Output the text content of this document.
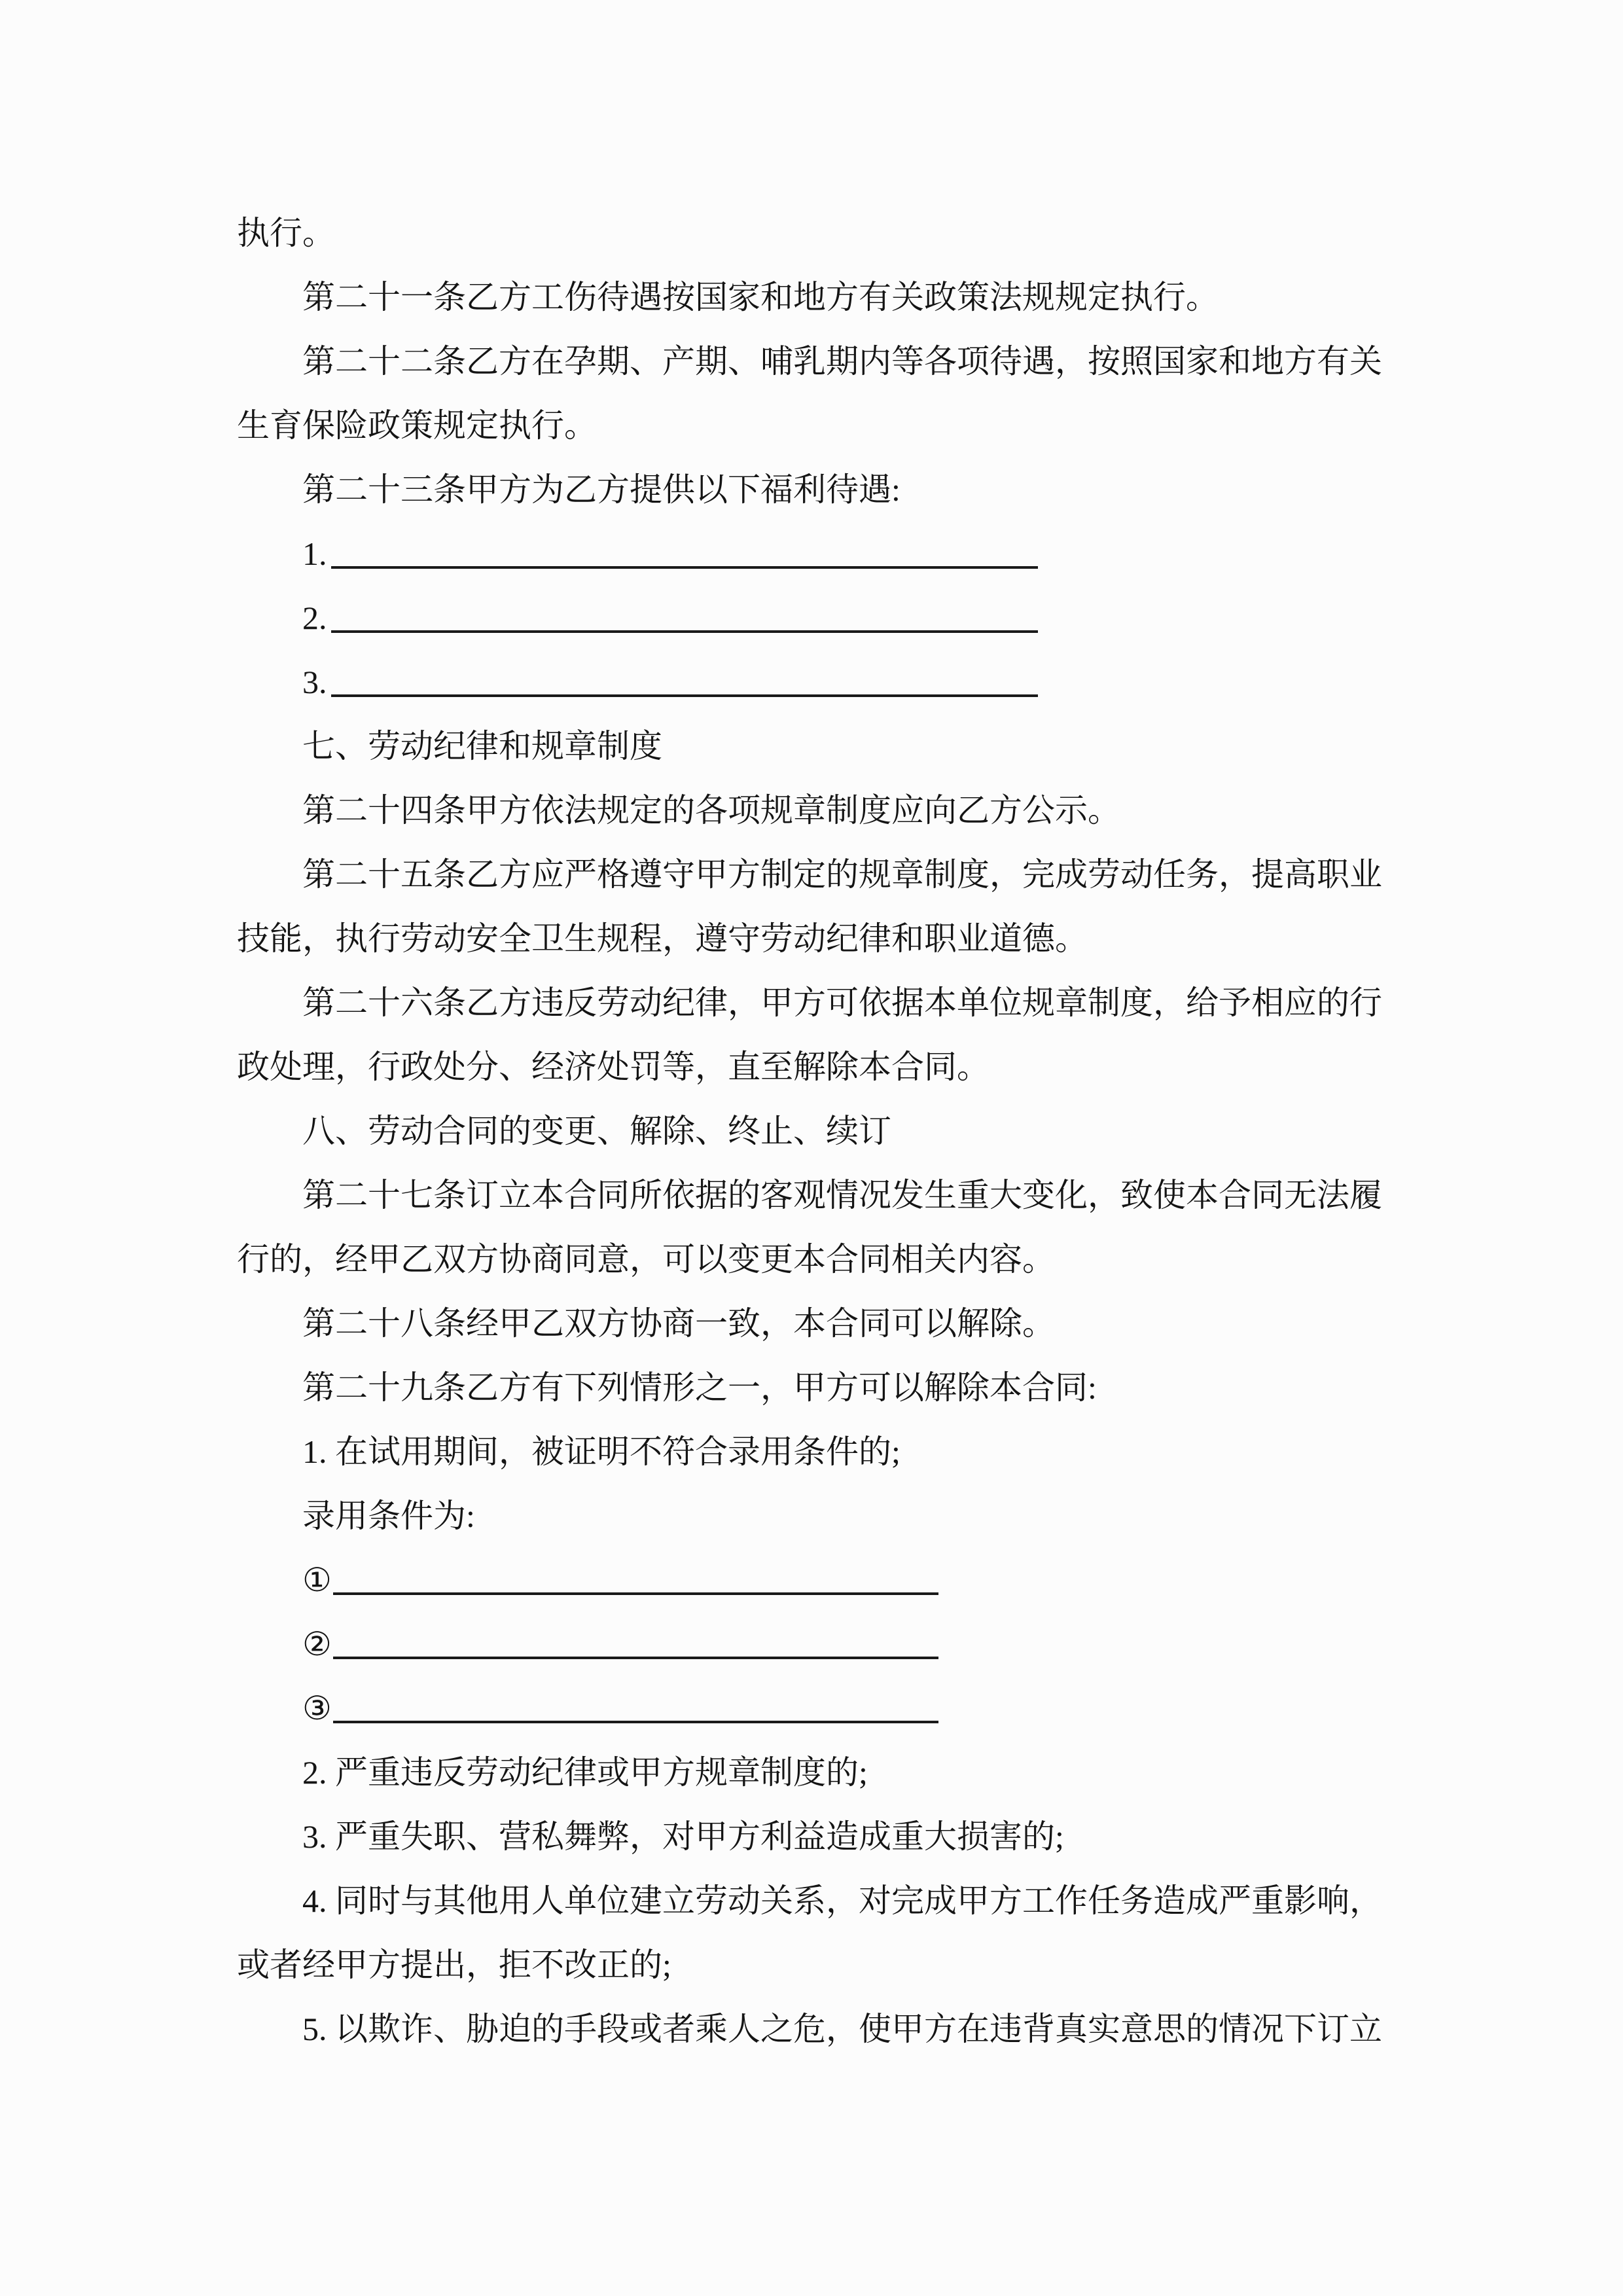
执行。
第二十一条乙方工伤待遇按国家和地方有关政策法规规定执行。
第二十二条乙方在孕期、产期、哺乳期内等各项待遇，按照国家和地方有关
生育保险政策规定执行。
第二十三条甲方为乙方提供以下福利待遇:
1.
2.
3.
七、劳动纪律和规章制度
第二十四条甲方依法规定的各项规章制度应向乙方公示。
第二十五条乙方应严格遵守甲方制定的规章制度，完成劳动任务，提高职业
技能，执行劳动安全卫生规程，遵守劳动纪律和职业道德。
第二十六条乙方违反劳动纪律，甲方可依据本单位规章制度，给予相应的行
政处理，行政处分、经济处罚等，直至解除本合同。
八、劳动合同的变更、解除、终止、续订
第二十七条订立本合同所依据的客观情况发生重大变化，致使本合同无法履
行的，经甲乙双方协商同意，可以变更本合同相关内容。
第二十八条经甲乙双方协商一致，本合同可以解除。
第二十九条乙方有下列情形之一，甲方可以解除本合同:
1. 在试用期间，被证明不符合录用条件的;
录用条件为:
①
②
③
2. 严重违反劳动纪律或甲方规章制度的;
3. 严重失职、营私舞弊，对甲方利益造成重大损害的;
4. 同时与其他用人单位建立劳动关系，对完成甲方工作任务造成严重影响，
或者经甲方提出，拒不改正的;
5. 以欺诈、胁迫的手段或者乘人之危，使甲方在违背真实意思的情况下订立
